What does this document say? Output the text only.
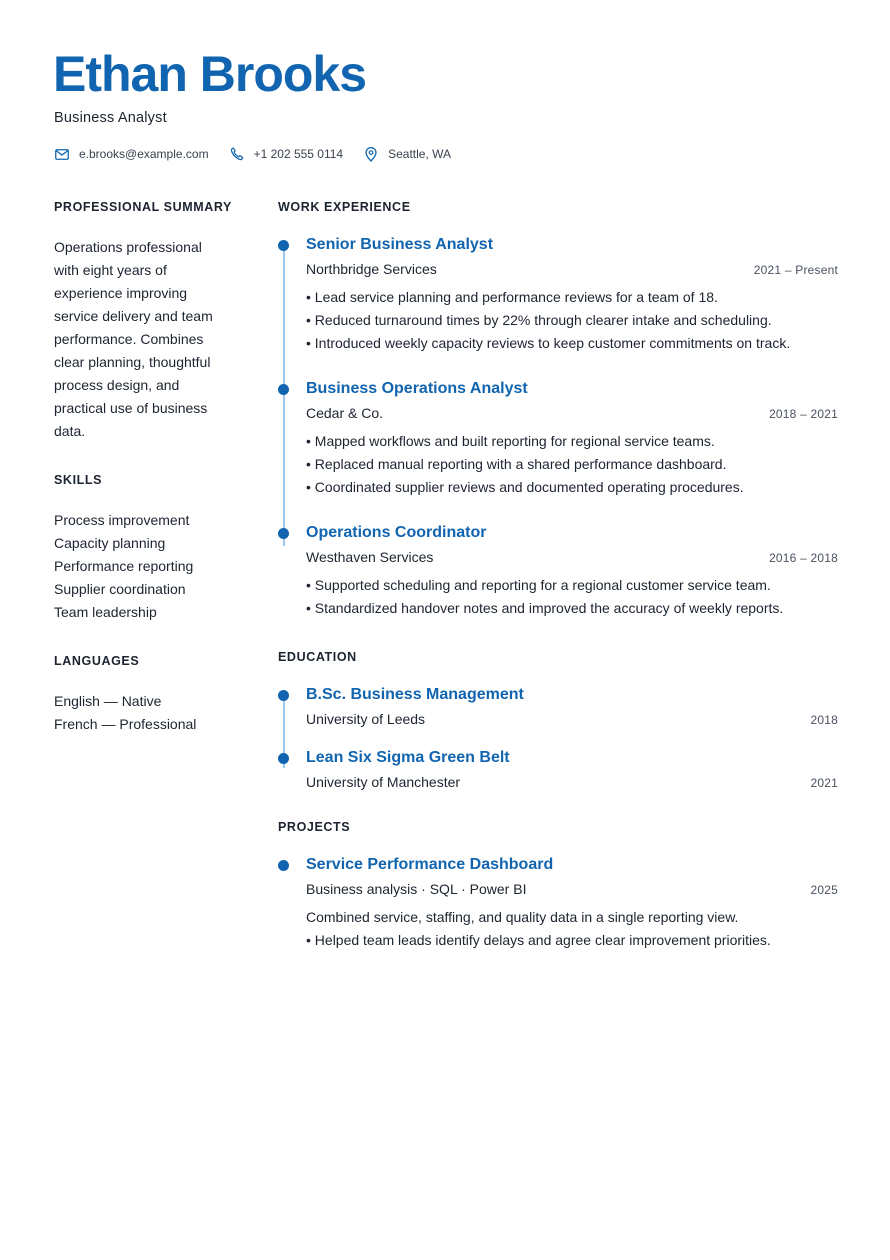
Ethan Brooks
Business Analyst
e.brooks@example.com	+1 202 555 0114	Seattle, WA
PROFESSIONAL SUMMARY
Operations professional with eight years of experience improving service delivery and team performance. Combines clear planning, thoughtful process design, and practical use of business data.
SKILLS
Process improvement
Capacity planning
Performance reporting
Supplier coordination
Team leadership
LANGUAGES
English — Native
French — Professional
WORK EXPERIENCE
Senior Business Analyst
Northbridge Services	2021 – Present
• Lead service planning and performance reviews for a team of 18.
• Reduced turnaround times by 22% through clearer intake and scheduling.
• Introduced weekly capacity reviews to keep customer commitments on track.
Business Operations Analyst
Cedar & Co.	2018 – 2021
• Mapped workflows and built reporting for regional service teams.
• Replaced manual reporting with a shared performance dashboard.
• Coordinated supplier reviews and documented operating procedures.
Operations Coordinator
Westhaven Services	2016 – 2018
• Supported scheduling and reporting for a regional customer service team.
• Standardized handover notes and improved the accuracy of weekly reports.
EDUCATION
B.Sc. Business Management
University of Leeds	2018
Lean Six Sigma Green Belt
University of Manchester	2021
PROJECTS
Service Performance Dashboard
Business analysis · SQL · Power BI	2025
Combined service, staffing, and quality data in a single reporting view.
• Helped team leads identify delays and agree clear improvement priorities.
